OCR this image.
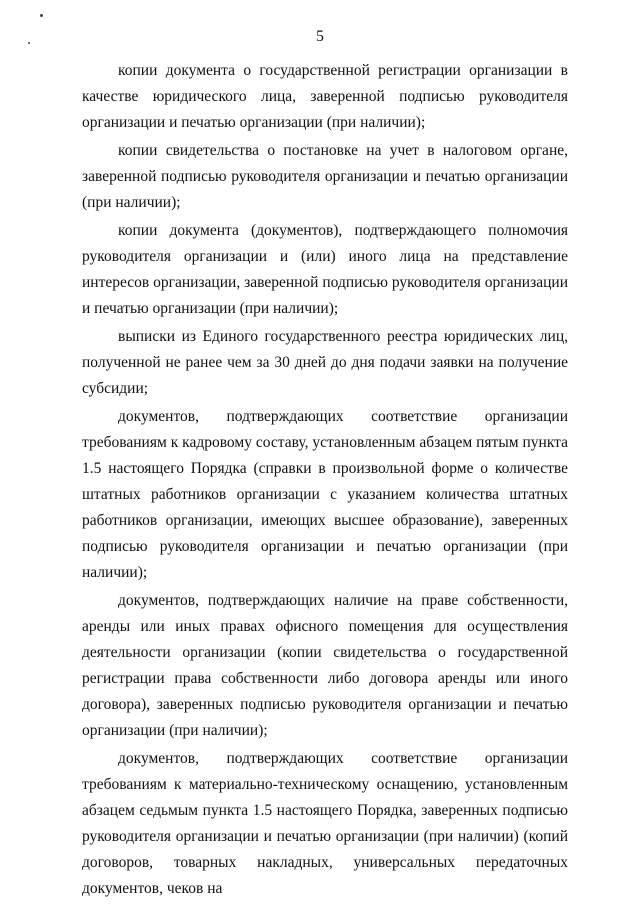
5

копии документа о государственной регистрации организации в качестве юридического лица, заверенной подписью руководителя организации и печатью организации (при наличии);

копии свидетельства о постановке на учет в налоговом органе, заверенной подписью руководителя организации и печатью организации (при наличии);

копии документа (документов), подтверждающего полномочия руководителя организации и (или) иного лица на представление интересов организации, заверенной подписью руководителя организации и печатью организации (при наличии);

выписки из Единого государственного реестра юридических лиц, полученной не ранее чем за 30 дней до дня подачи заявки на получение субсидии;

документов, подтверждающих соответствие организации требованиям к кадровому составу, установленным абзацем пятым пункта 1.5 настоящего Порядка (справки в произвольной форме о количестве штатных работников организации с указанием количества штатных работников организации, имеющих высшее образование), заверенных подписью руководителя организации и печатью организации (при наличии);

документов, подтверждающих наличие на праве собственности, аренды или иных правах офисного помещения для осуществления деятельности организации (копии свидетельства о государственной регистрации права собственности либо договора аренды или иного договора), заверенных подписью руководителя организации и печатью организации (при наличии);

документов, подтверждающих соответствие организации требованиям к материально-техническому оснащению, установленным абзацем седьмым пункта 1.5 настоящего Порядка, заверенных подписью руководителя организации и печатью организации (при наличии) (копий договоров, товарных накладных, универсальных передаточных документов, чеков на
